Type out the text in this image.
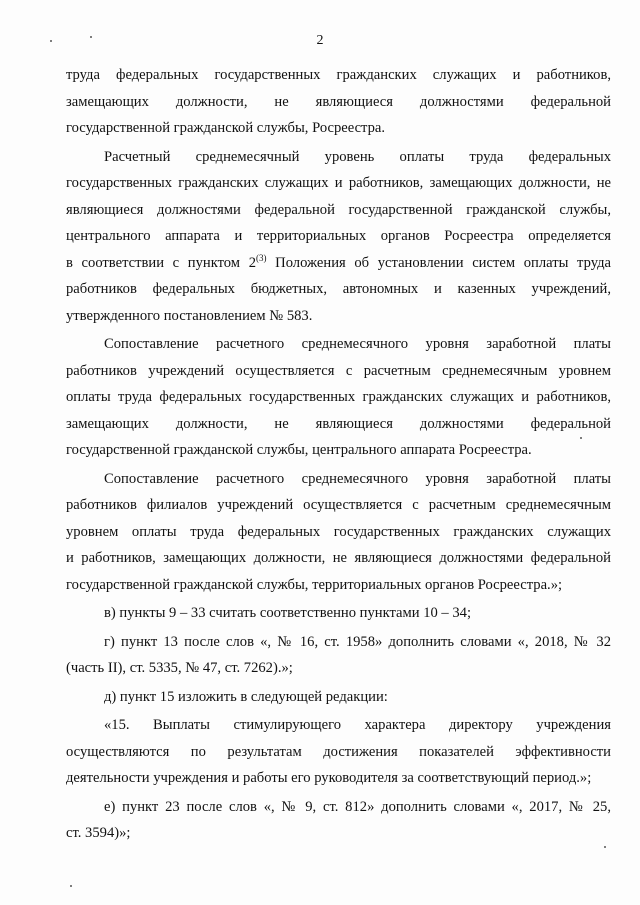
2
труда федеральных государственных гражданских служащих и работников,
замещающих должности, не являющиеся должностями федеральной
государственной гражданской службы, Росреестра.
Расчетный среднемесячный уровень оплаты труда федеральных
государственных гражданских служащих и работников, замещающих должности, не
являющиеся должностями федеральной государственной гражданской службы,
центрального аппарата и территориальных органов Росреестра определяется
в соответствии с пунктом 2$^{(3)}$ Положения об установлении систем оплаты труда
работников федеральных бюджетных, автономных и казенных учреждений,
утвержденного постановлением № 583.
Сопоставление расчетного среднемесячного уровня заработной платы
работников учреждений осуществляется с расчетным среднемесячным уровнем
оплаты труда федеральных государственных гражданских служащих и работников,
замещающих должности, не являющиеся должностями федеральной
государственной гражданской службы, центрального аппарата Росреестра.
Сопоставление расчетного среднемесячного уровня заработной платы
работников филиалов учреждений осуществляется с расчетным среднемесячным
уровнем оплаты труда федеральных государственных гражданских служащих
и работников, замещающих должности, не являющиеся должностями федеральной
государственной гражданской службы, территориальных органов Росреестра.»;
в) пункты 9 – 33 считать соответственно пунктами 10 – 34;
г) пункт 13 после слов «, № 16, ст. 1958» дополнить словами «, 2018, № 32
(часть II), ст. 5335, № 47, ст. 7262).»;
д) пункт 15 изложить в следующей редакции:
«15. Выплаты стимулирующего характера директору учреждения
осуществляются по результатам достижения показателей эффективности
деятельности учреждения и работы его руководителя за соответствующий период.»;
е) пункт 23 после слов «, № 9, ст. 812» дополнить словами «, 2017, № 25,
ст. 3594)»;
